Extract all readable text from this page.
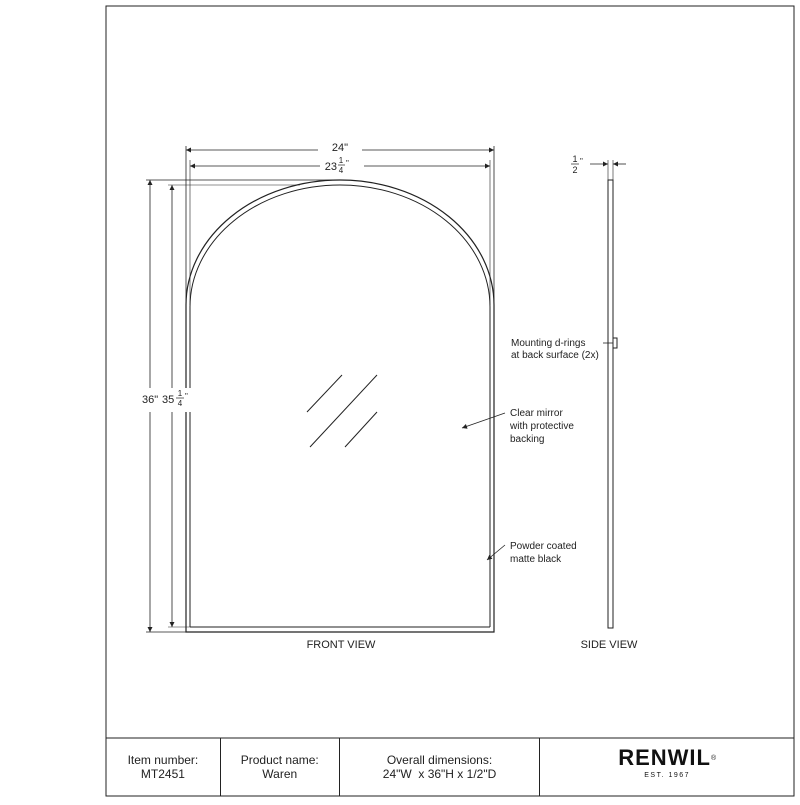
24"
23
1
4
"
36" 35
1
4
"
FRONT VIEW
Mounting d-rings
at back surface (2x)
Clear mirror
with protective
backing
Powder coated
matte black
1
2
"
SIDE VIEW
Item number:
MT2451
Product name:
Waren
Overall dimensions:
24"W  x 36"H x 1/2"D
RENWIL®
EST. 1967
